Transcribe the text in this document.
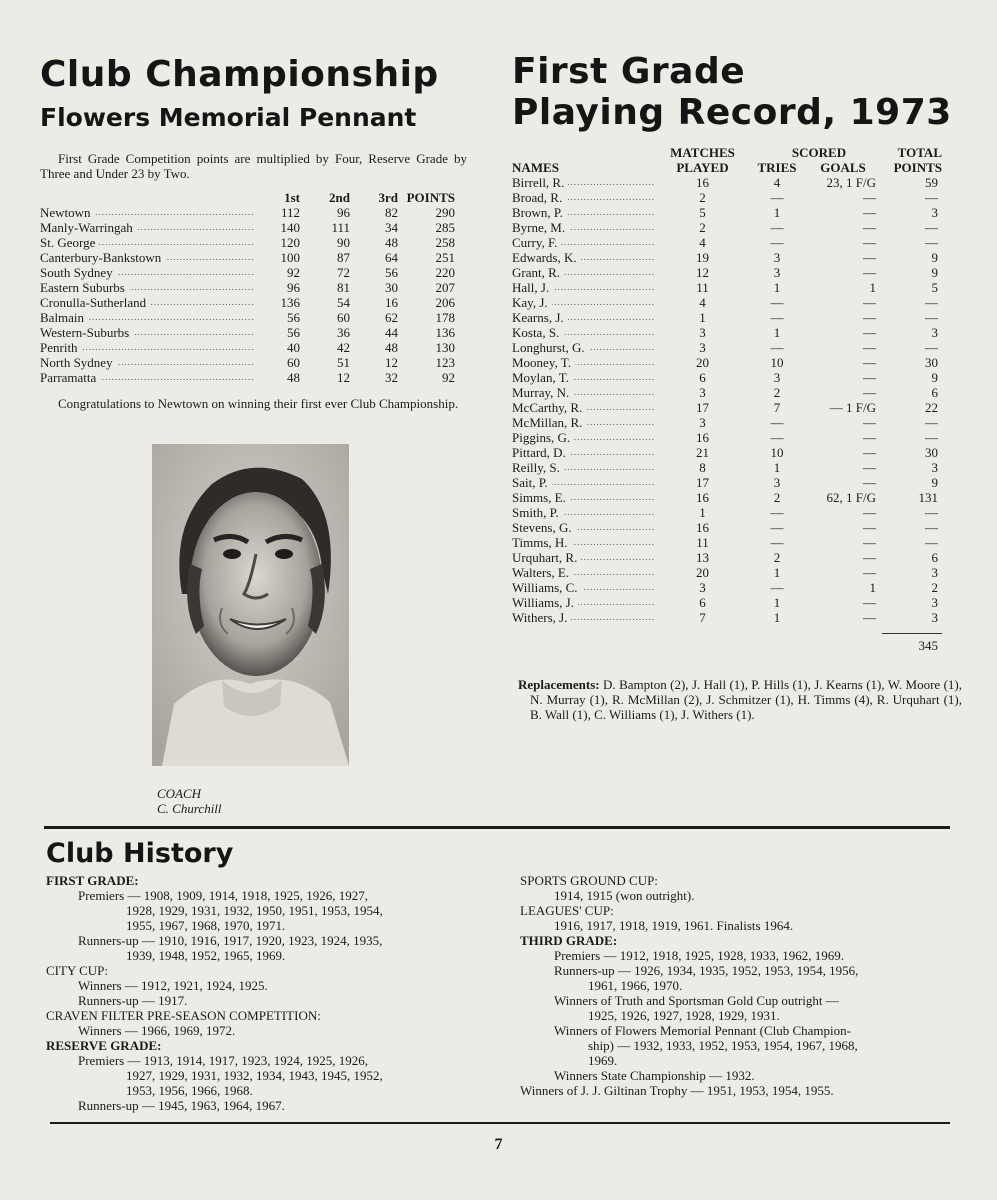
Club Championship
Flowers Memorial Pennant

First Grade Competition points are multiplied by Four, Reserve Grade by Three and Under 23 by Two.

	1st	2nd	3rd	POINTS
Newtown .....	112	96	82	290
Manly-Warringah .....	140	111	34	285
St. George .....	120	90	48	258
Canterbury-Bankstown .....	100	87	64	251
South Sydney .....	92	72	56	220
Eastern Suburbs .....	96	81	30	207
Cronulla-Sutherland .....	136	54	16	206
Balmain .....	56	60	62	178
Western-Suburbs .....	56	36	44	136
Penrith .....	40	42	48	130
North Sydney .....	60	51	12	123
Parramatta .....	48	12	32	92

Congratulations to Newtown on winning their first ever Club Championship.

COACH
C. Churchill
First Grade
Playing Record, 1973
NAMES	MATCHES	SCORED		TOTAL
	PLAYED	TRIES	GOALS	POINTS
Birrell, R. .....	16	4	23, 1 F/G	59
Broad, R. .....	2	—	—	—
Brown, P. .....	5	1	—	3
Byrne, M. .....	2	—	—	—
Curry, F. .....	4	—	—	—
Edwards, K. .....	19	3	—	9
Grant, R. .....	12	3	—	9
Hall, J. .....	11	1	1	5
Kay, J. .....	4	—	—	—
Kearns, J. .....	1	—	—	—
Kosta, S. .....	3	1	—	3
Longhurst, G. .....	3	—	—	—
Mooney, T. .....	20	10	—	30
Moylan, T. .....	6	3	—	9
Murray, N. .....	3	2	—	6
McCarthy, R. .....	17	7	— 1 F/G	22
McMillan, R. .....	3	—	—	—
Piggins, G. .....	16	—	—	—
Pittard, D. .....	21	10	—	30
Reilly, S. .....	8	1	—	3
Sait, P. .....	17	3	—	9
Simms, E. .....	16	2	62, 1 F/G	131
Smith, P. .....	1	—	—	—
Stevens, G. .....	16	—	—	—
Timms, H. .....	11	—	—	—
Urquhart, R. .....	13	2	—	6
Walters, E. .....	20	1	—	3
Williams, C. .....	3	—	1	2
Williams, J. .....	6	1	—	3
Withers, J. .....	7	1	—	3

				345
Replacements: D. Bampton (2), J. Hall (1), P. Hills (1), J. Kearns (1), W. Moore (1), N. Murray (1), R. McMillan (2), J. Schmitzer (1), H. Timms (4), R. Urquhart (1), B. Wall (1), C. Williams (1), J. Withers (1).
Club History
FIRST GRADE:
Premiers — 1908, 1909, 1914, 1918, 1925, 1926, 1927,
1928, 1929, 1931, 1932, 1950, 1951, 1953, 1954,
1955, 1967, 1968, 1970, 1971.
Runners-up — 1910, 1916, 1917, 1920, 1923, 1924, 1935,
1939, 1948, 1952, 1965, 1969.
CITY CUP:
Winners — 1912, 1921, 1924, 1925.
Runners-up — 1917.
CRAVEN FILTER PRE-SEASON COMPETITION:
Winners — 1966, 1969, 1972.
RESERVE GRADE:
Premiers — 1913, 1914, 1917, 1923, 1924, 1925, 1926,
1927, 1929, 1931, 1932, 1934, 1943, 1945, 1952,
1953, 1956, 1966, 1968.
Runners-up — 1945, 1963, 1964, 1967.
SPORTS GROUND CUP:
1914, 1915 (won outright).
LEAGUES' CUP:
1916, 1917, 1918, 1919, 1961. Finalists 1964.
THIRD GRADE:
Premiers — 1912, 1918, 1925, 1928, 1933, 1962, 1969.
Runners-up — 1926, 1934, 1935, 1952, 1953, 1954, 1956,
1961, 1966, 1970.
Winners of Truth and Sportsman Gold Cup outright —
1925, 1926, 1927, 1928, 1929, 1931.
Winners of Flowers Memorial Pennant (Club Champion-
ship) — 1932, 1933, 1952, 1953, 1954, 1967, 1968,
1969.
Winners State Championship — 1932.
Winners of J. J. Giltinan Trophy — 1951, 1953, 1954, 1955.
7
